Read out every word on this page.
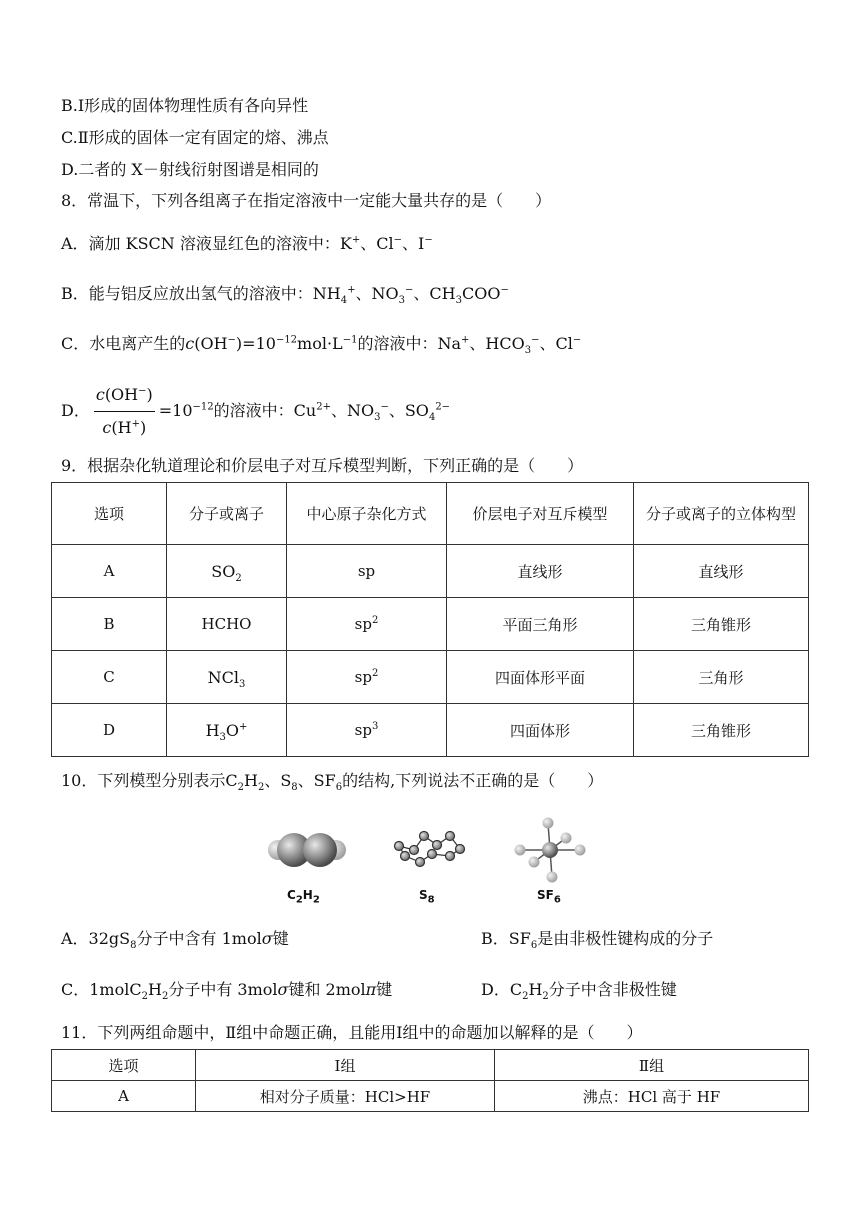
B.Ⅰ形成的固体物理性质有各向异性
C.Ⅱ形成的固体一定有固定的熔、沸点
D.二者的 X－射线衍射图谱是相同的
8．常温下，下列各组离子在指定溶液中一定能大量共存的是（　　）
A．滴加 KSCN 溶液显红色的溶液中：K+、Cl−、I−
B．能与铝反应放出氢气的溶液中：$NH_4^+$、$NO_3^-$、$CH_3COO^-$
C．水电离产生的$c(OH^-)=10^{-12}mol\cdot L^{-1}$的溶液中：Na+、$HCO_3^-$、Cl−
D． $\frac{c(OH^-)}{c(H^+)} =10^{-12}$的溶液中：$Cu^{2+}$、$NO_3^-$、$SO_4^{2-}$
9．根据杂化轨道理论和价层电子对互斥模型判断，下列正确的是（　　）
选项	分子或离子	中心原子杂化方式	价层电子对互斥模型	分子或离子的立体构型
A	$SO_2$	sp	直线形	直线形
B	HCHO	$sp^2$	平面三角形	三角锥形
C	NCl$_3$	$sp^2$	四面体形平面	三角形
D	$H_3O^+$	$sp^3$	四面体形	三角锥形
10．下列模型分别表示$C_2H_2$、$S_8$、$SF_6$的结构,下列说法不正确的是（　　）
$C_2H_2$	$S_8$	$SF_6$
A．$32gS_8$分子中含有 1molσ键	B．$SF_6$是由非极性键构成的分子
C．$1molC_2H_2$分子中有 3molσ键和 2molπ键	D．$C_2H_2$分子中含非极性键
11．下列两组命题中，Ⅱ组中命题正确，且能用Ⅰ组中的命题加以解释的是（　　）
选项	Ⅰ组	Ⅱ组
A	相对分子质量：HCl>HF	沸点：HCl 高于 HF
